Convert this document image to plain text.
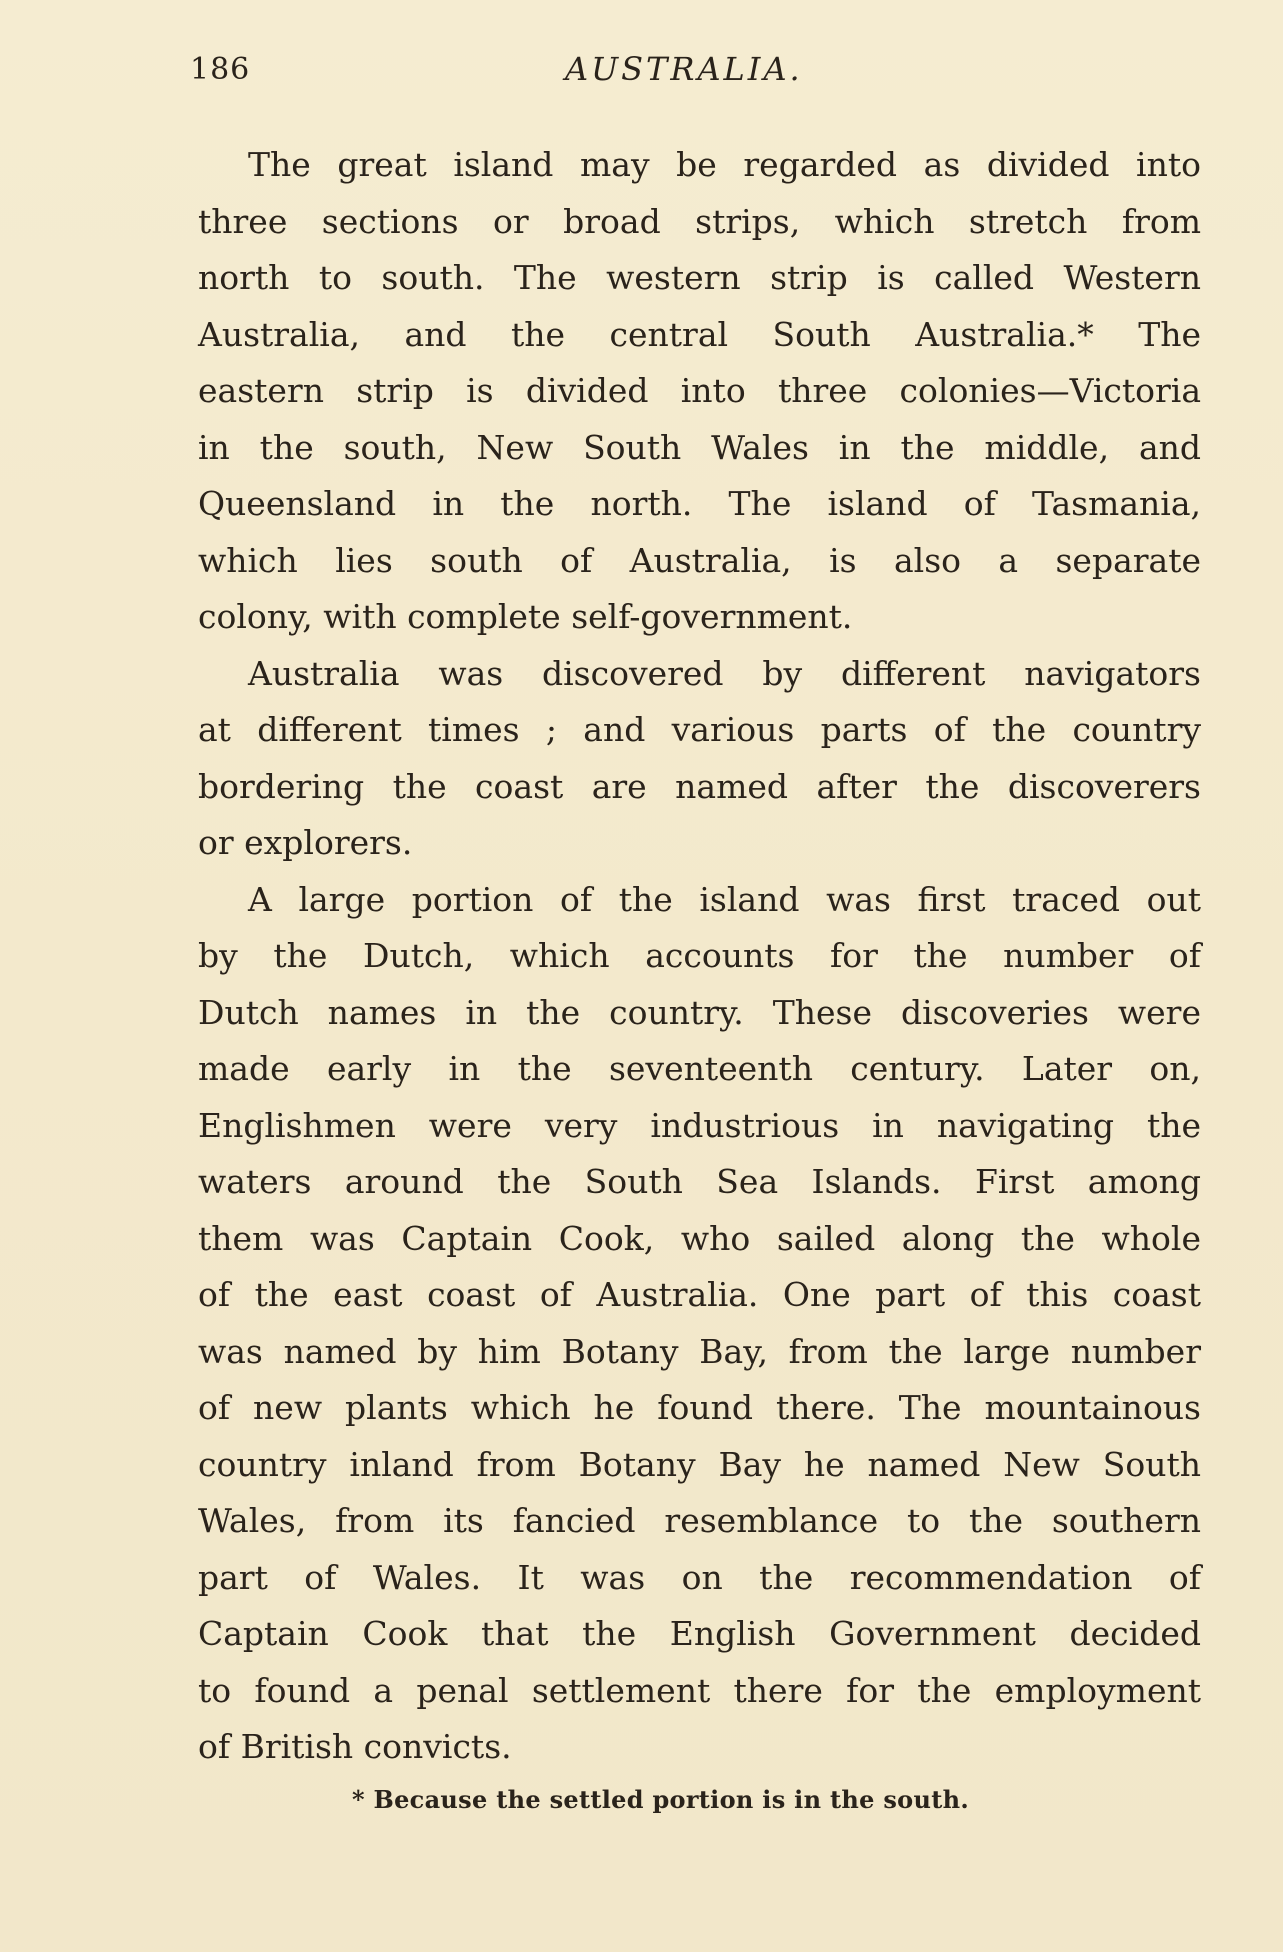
186	AUSTRALIA.
The great island may be regarded as divided into
three sections or broad strips, which stretch from
north to south. The western strip is called Western
Australia, and the central South Australia.* The
eastern strip is divided into three colonies—Victoria
in the south, New South Wales in the middle, and
Queensland in the north. The island of Tasmania,
which lies south of Australia, is also a separate
colony, with complete self-government.
Australia was discovered by different navigators
at different times ; and various parts of the country
bordering the coast are named after the discoverers
or explorers.
A large portion of the island was first traced out
by the Dutch, which accounts for the number of
Dutch names in the country. These discoveries were
made early in the seventeenth century. Later on,
Englishmen were very industrious in navigating the
waters around the South Sea Islands. First among
them was Captain Cook, who sailed along the whole
of the east coast of Australia. One part of this coast
was named by him Botany Bay, from the large number
of new plants which he found there. The mountainous
country inland from Botany Bay he named New South
Wales, from its fancied resemblance to the southern
part of Wales. It was on the recommendation of
Captain Cook that the English Government decided
to found a penal settlement there for the employment
of British convicts.
* Because the settled portion is in the south.
